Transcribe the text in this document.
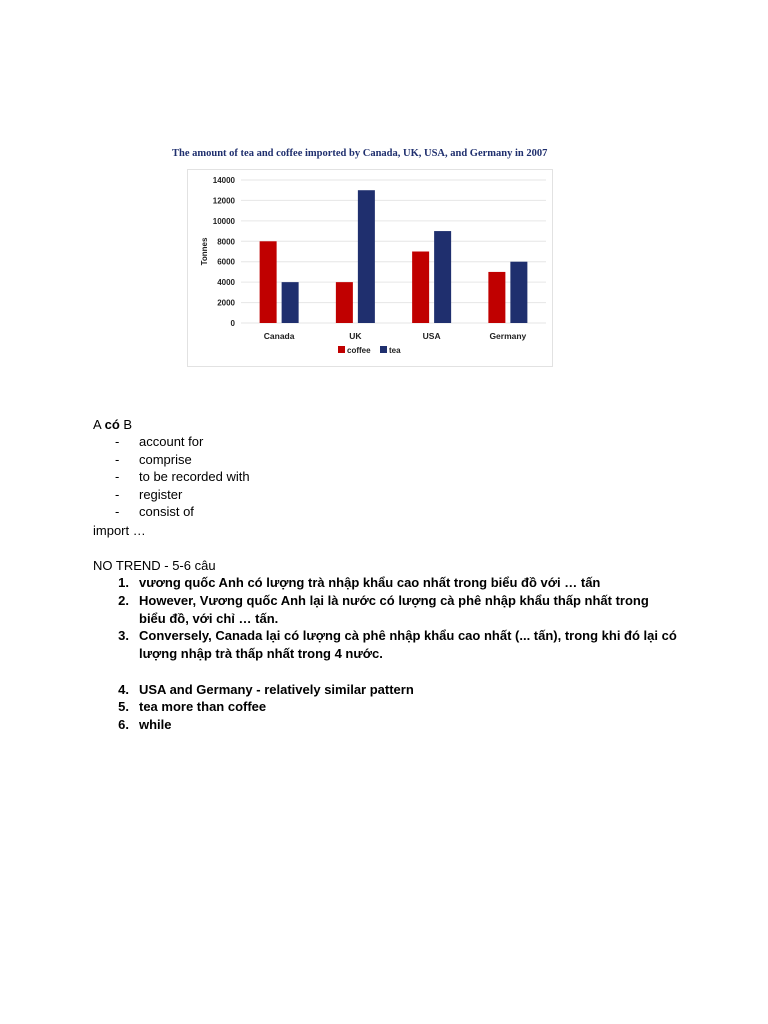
The amount of tea and coffee imported by Canada, UK, USA, and Germany in 2007
0
2000
4000
6000
8000
10000
12000
14000
Tonnes
Canada	UK	USA	Germany
coffee tea
A có B
- account for
- comprise
- to be recorded with
- register
- consist of
import …
NO TREND - 5-6 câu
1. vương quốc Anh có lượng trà nhập khẩu cao nhất trong biểu đồ với … tấn
2. However, Vương quốc Anh lại là nước có lượng cà phê nhập khẩu thấp nhất trong biểu đồ, với chỉ … tấn.
3. Conversely, Canada lại có lượng cà phê nhập khẩu cao nhất (... tấn), trong khi đó lại có lượng nhập trà thấp nhất trong 4 nước.
4. USA and Germany - relatively similar pattern
5. tea more than coffee
6. while
